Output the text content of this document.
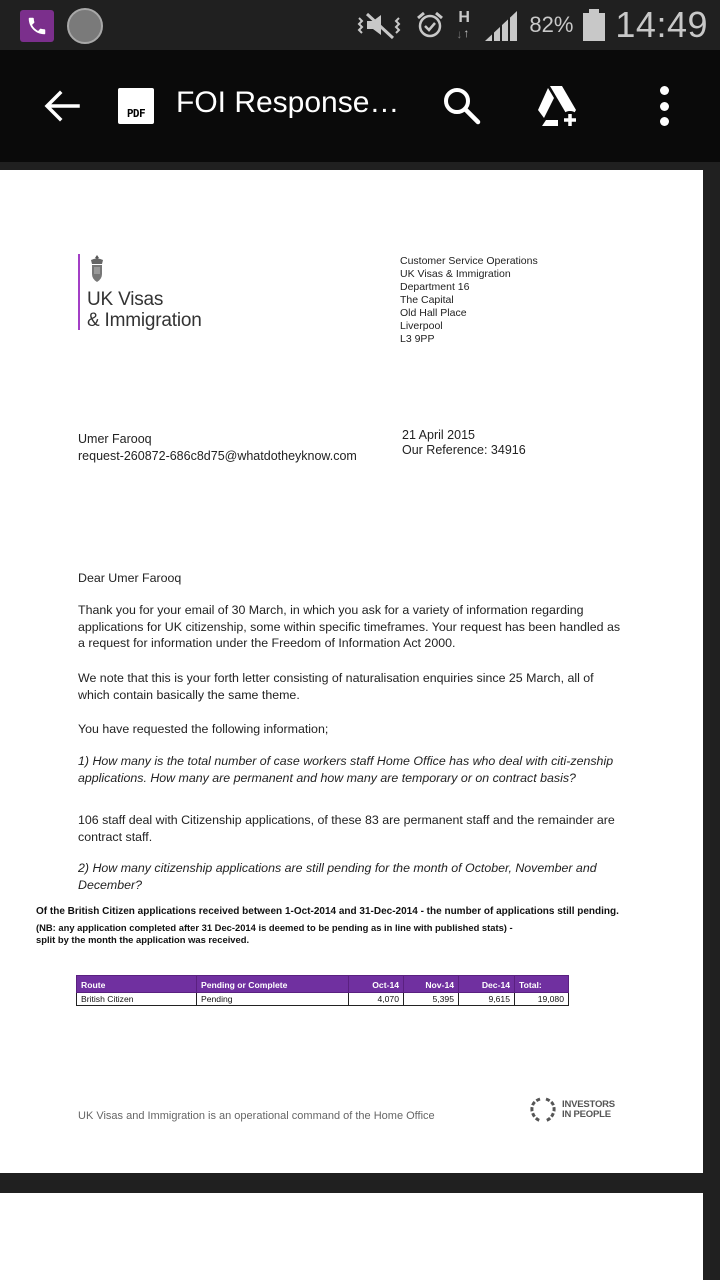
H
↓ ↑	82% 14:49
PDF FOI Response…
UK Visas
& Immigration
Customer Service Operations
UK Visas & Immigration
Department 16
The Capital
Old Hall Place
Liverpool
L3 9PP
Umer Farooq
request-260872-686c8d75@whatdotheyknow.com
21 April 2015
Our Reference: 34916
Dear Umer Farooq
Thank you for your email of 30 March, in which you ask for a variety of information regarding applications for UK citizenship, some within specific timeframes. Your request has been handled as a request for information under the Freedom of Information Act 2000.
We note that this is your forth letter consisting of naturalisation enquiries since 25 March, all of which contain basically the same theme.
You have requested the following information;
1) How many is the total number of case workers staff Home Office has who deal with citi-zenship applications. How many are permanent and how many are temporary or on contract basis?
106 staff deal with Citizenship applications, of these 83 are permanent staff and the remainder are contract staff.
2) How many citizenship applications are still pending for the month of October, November and December?
Of the British Citizen applications received between 1-Oct-2014 and 31-Dec-2014 - the number of applications still pending.
(NB: any application completed after 31 Dec-2014 is deemed to be pending as in line with published stats) -
split by the month the application was received.
Route	Pending or Complete	Oct-14	Nov-14	Dec-14	Total:
British Citizen	Pending	4,070	5,395	9,615	19,080
UK Visas and Immigration is an operational command of the Home Office
INVESTORS
IN PEOPLE
